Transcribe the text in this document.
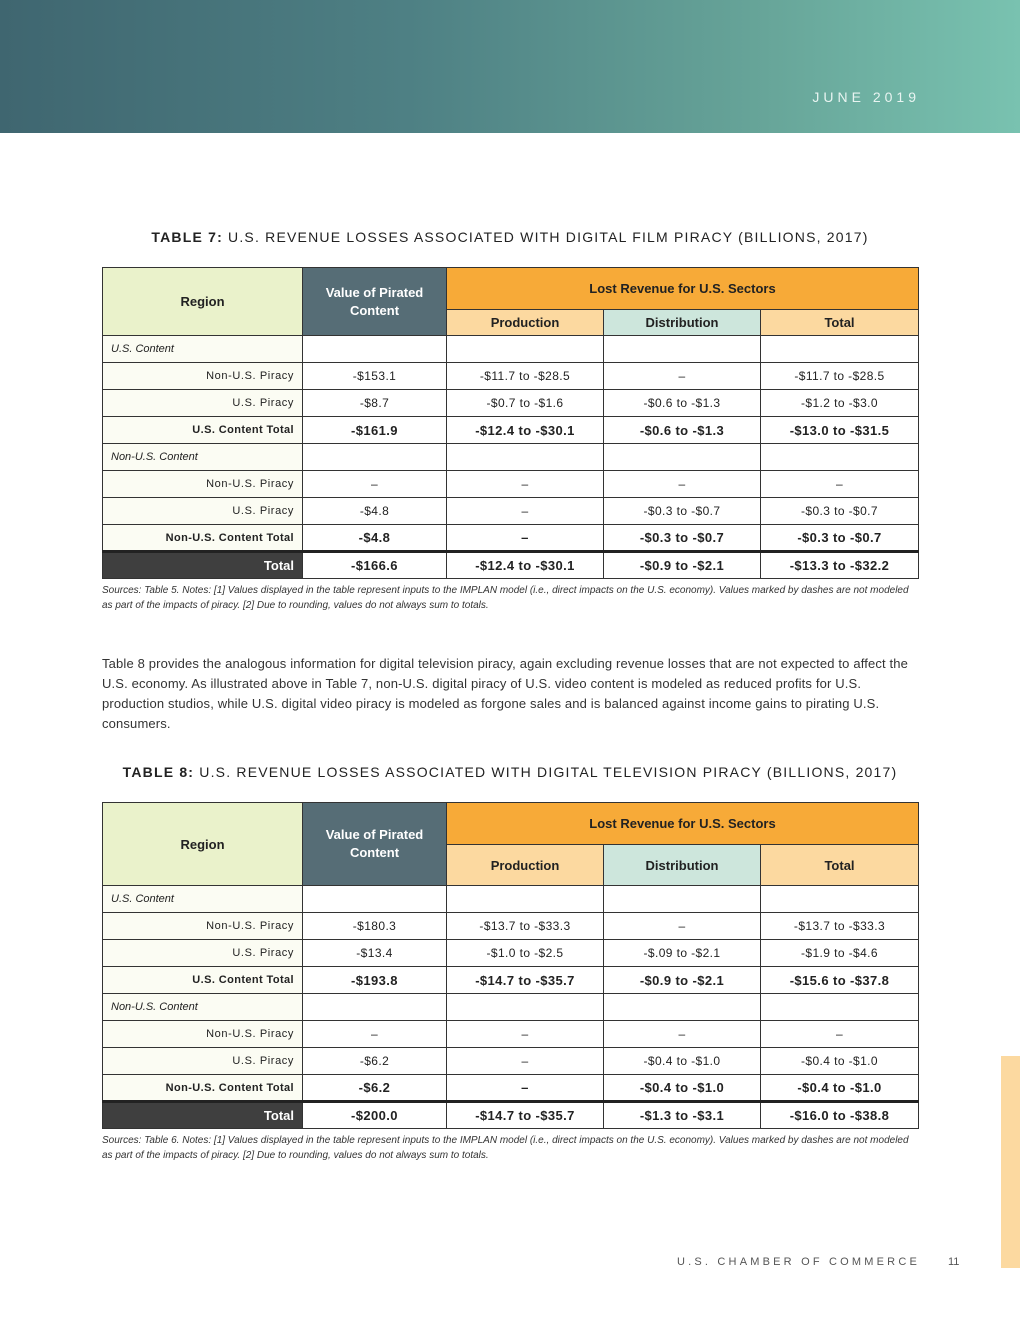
JUNE 2019
TABLE 7: U.S. REVENUE LOSSES ASSOCIATED WITH DIGITAL FILM PIRACY (BILLIONS, 2017)
Region	Value of Pirated Content	Lost Revenue for U.S. Sectors		
		Production	Distribution	Total
U.S. Content				
Non-U.S. Piracy	-$153.1	-$11.7 to -$28.5	–	-$11.7 to -$28.5
U.S. Piracy	-$8.7	-$0.7 to -$1.6	-$0.6 to -$1.3	-$1.2 to -$3.0
U.S. Content Total	-$161.9	-$12.4 to -$30.1	-$0.6 to -$1.3	-$13.0 to -$31.5
Non-U.S. Content				
Non-U.S. Piracy	–	–	–	–
U.S. Piracy	-$4.8	–	-$0.3 to -$0.7	-$0.3 to -$0.7
Non-U.S. Content Total	-$4.8	–	-$0.3 to -$0.7	-$0.3 to -$0.7
Total	-$166.6	-$12.4 to -$30.1	-$0.9 to -$2.1	-$13.3 to -$32.2
Sources: Table 5. Notes: [1] Values displayed in the table represent inputs to the IMPLAN model (i.e., direct impacts on the U.S. economy). Values marked by dashes are not modeled as part of the impacts of piracy. [2] Due to rounding, values do not always sum to totals.
Table 8 provides the analogous information for digital television piracy, again excluding revenue losses that are not expected to affect the U.S. economy. As illustrated above in Table 7, non-U.S. digital piracy of U.S. video content is modeled as reduced profits for U.S. production studios, while U.S. digital video piracy is modeled as forgone sales and is balanced against income gains to pirating U.S. consumers.
TABLE 8: U.S. REVENUE LOSSES ASSOCIATED WITH DIGITAL TELEVISION PIRACY (BILLIONS, 2017)
Region	Value of Pirated Content	Lost Revenue for U.S. Sectors		
		Production	Distribution	Total
U.S. Content				
Non-U.S. Piracy	-$180.3	-$13.7 to -$33.3	–	-$13.7 to -$33.3
U.S. Piracy	-$13.4	-$1.0 to -$2.5	-$.09 to -$2.1	-$1.9 to -$4.6
U.S. Content Total	-$193.8	-$14.7 to -$35.7	-$0.9 to -$2.1	-$15.6 to -$37.8
Non-U.S. Content				
Non-U.S. Piracy	–	–	–	–
U.S. Piracy	-$6.2	–	-$0.4 to -$1.0	-$0.4 to -$1.0
Non-U.S. Content Total	-$6.2	–	-$0.4 to -$1.0	-$0.4 to -$1.0
Total	-$200.0	-$14.7 to -$35.7	-$1.3 to -$3.1	-$16.0 to -$38.8
Sources: Table 6. Notes: [1] Values displayed in the table represent inputs to the IMPLAN model (i.e., direct impacts on the U.S. economy). Values marked by dashes are not modeled as part of the impacts of piracy. [2] Due to rounding, values do not always sum to totals.
U.S. CHAMBER OF COMMERCE	11
